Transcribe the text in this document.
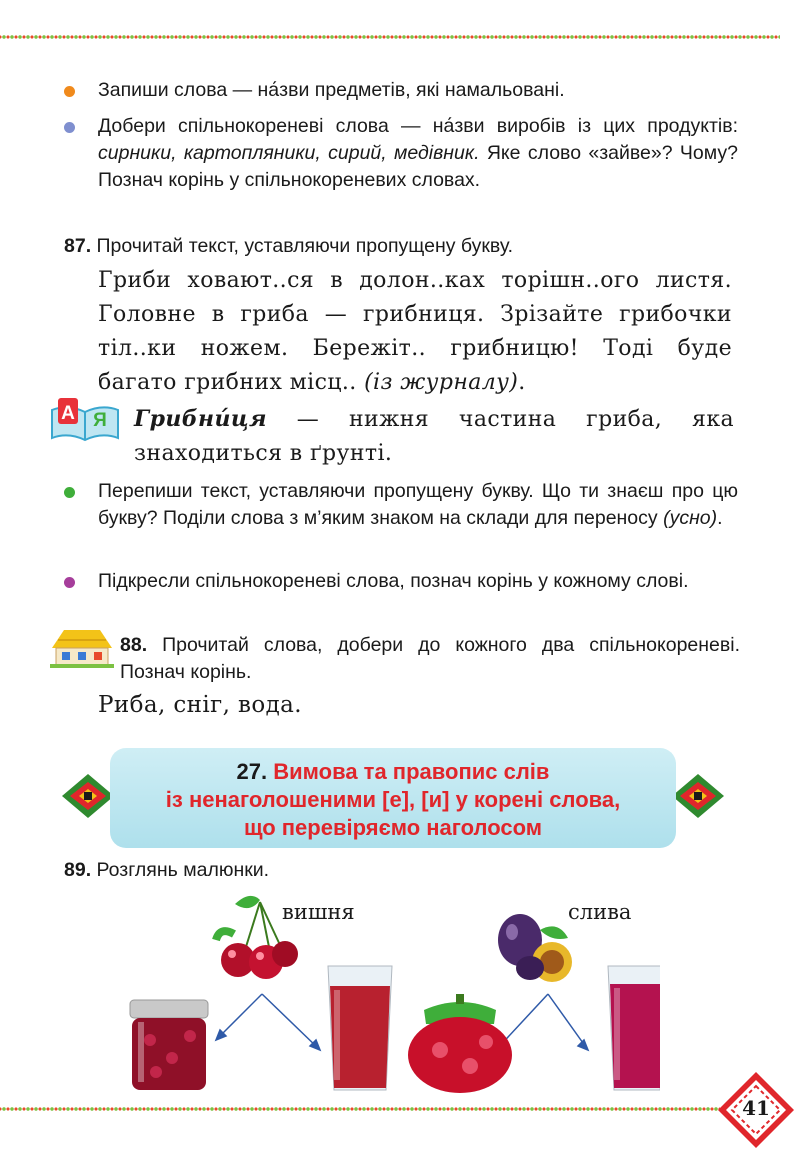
Запиши слова — на́зви предметів, які намальовані.
Добери спільнокореневі слова — на́зви виробів із цих продуктів: сирники, картопляники, сирий, медівник. Яке слово «зайве»? Чому? Познач корінь у спільнокореневих словах.
87. Прочитай текст, уставляючи пропущену букву.
Гриби ховают..ся в долон..ках торішн..ого листя. Головне в гриба — грибниця. Зрізайте грибочки тіл..ки ножем. Бережіт.. грибницю! Тоді буде багато грибних місц.. (із журналу).
А Я Грибни́ця — нижня частина гриба, яка знаходиться в ґрунті.
Перепиши текст, уставляючи пропущену букву. Що ти знаєш про цю букву? Поділи слова з м’яким знаком на склади для переносу (усно).
Підкресли спільнокореневі слова, познач корінь у кожному слові.
88. Прочитай слова, добери до кожного два спільнокореневі. Познач корінь.
Риба, сніг, вода.
27. Вимова та правопис слів
із ненаголошеними [е], [и] у корені слова,
що перевіряємо наголосом
89. Розглянь малюнки.
вишня	слива
41
